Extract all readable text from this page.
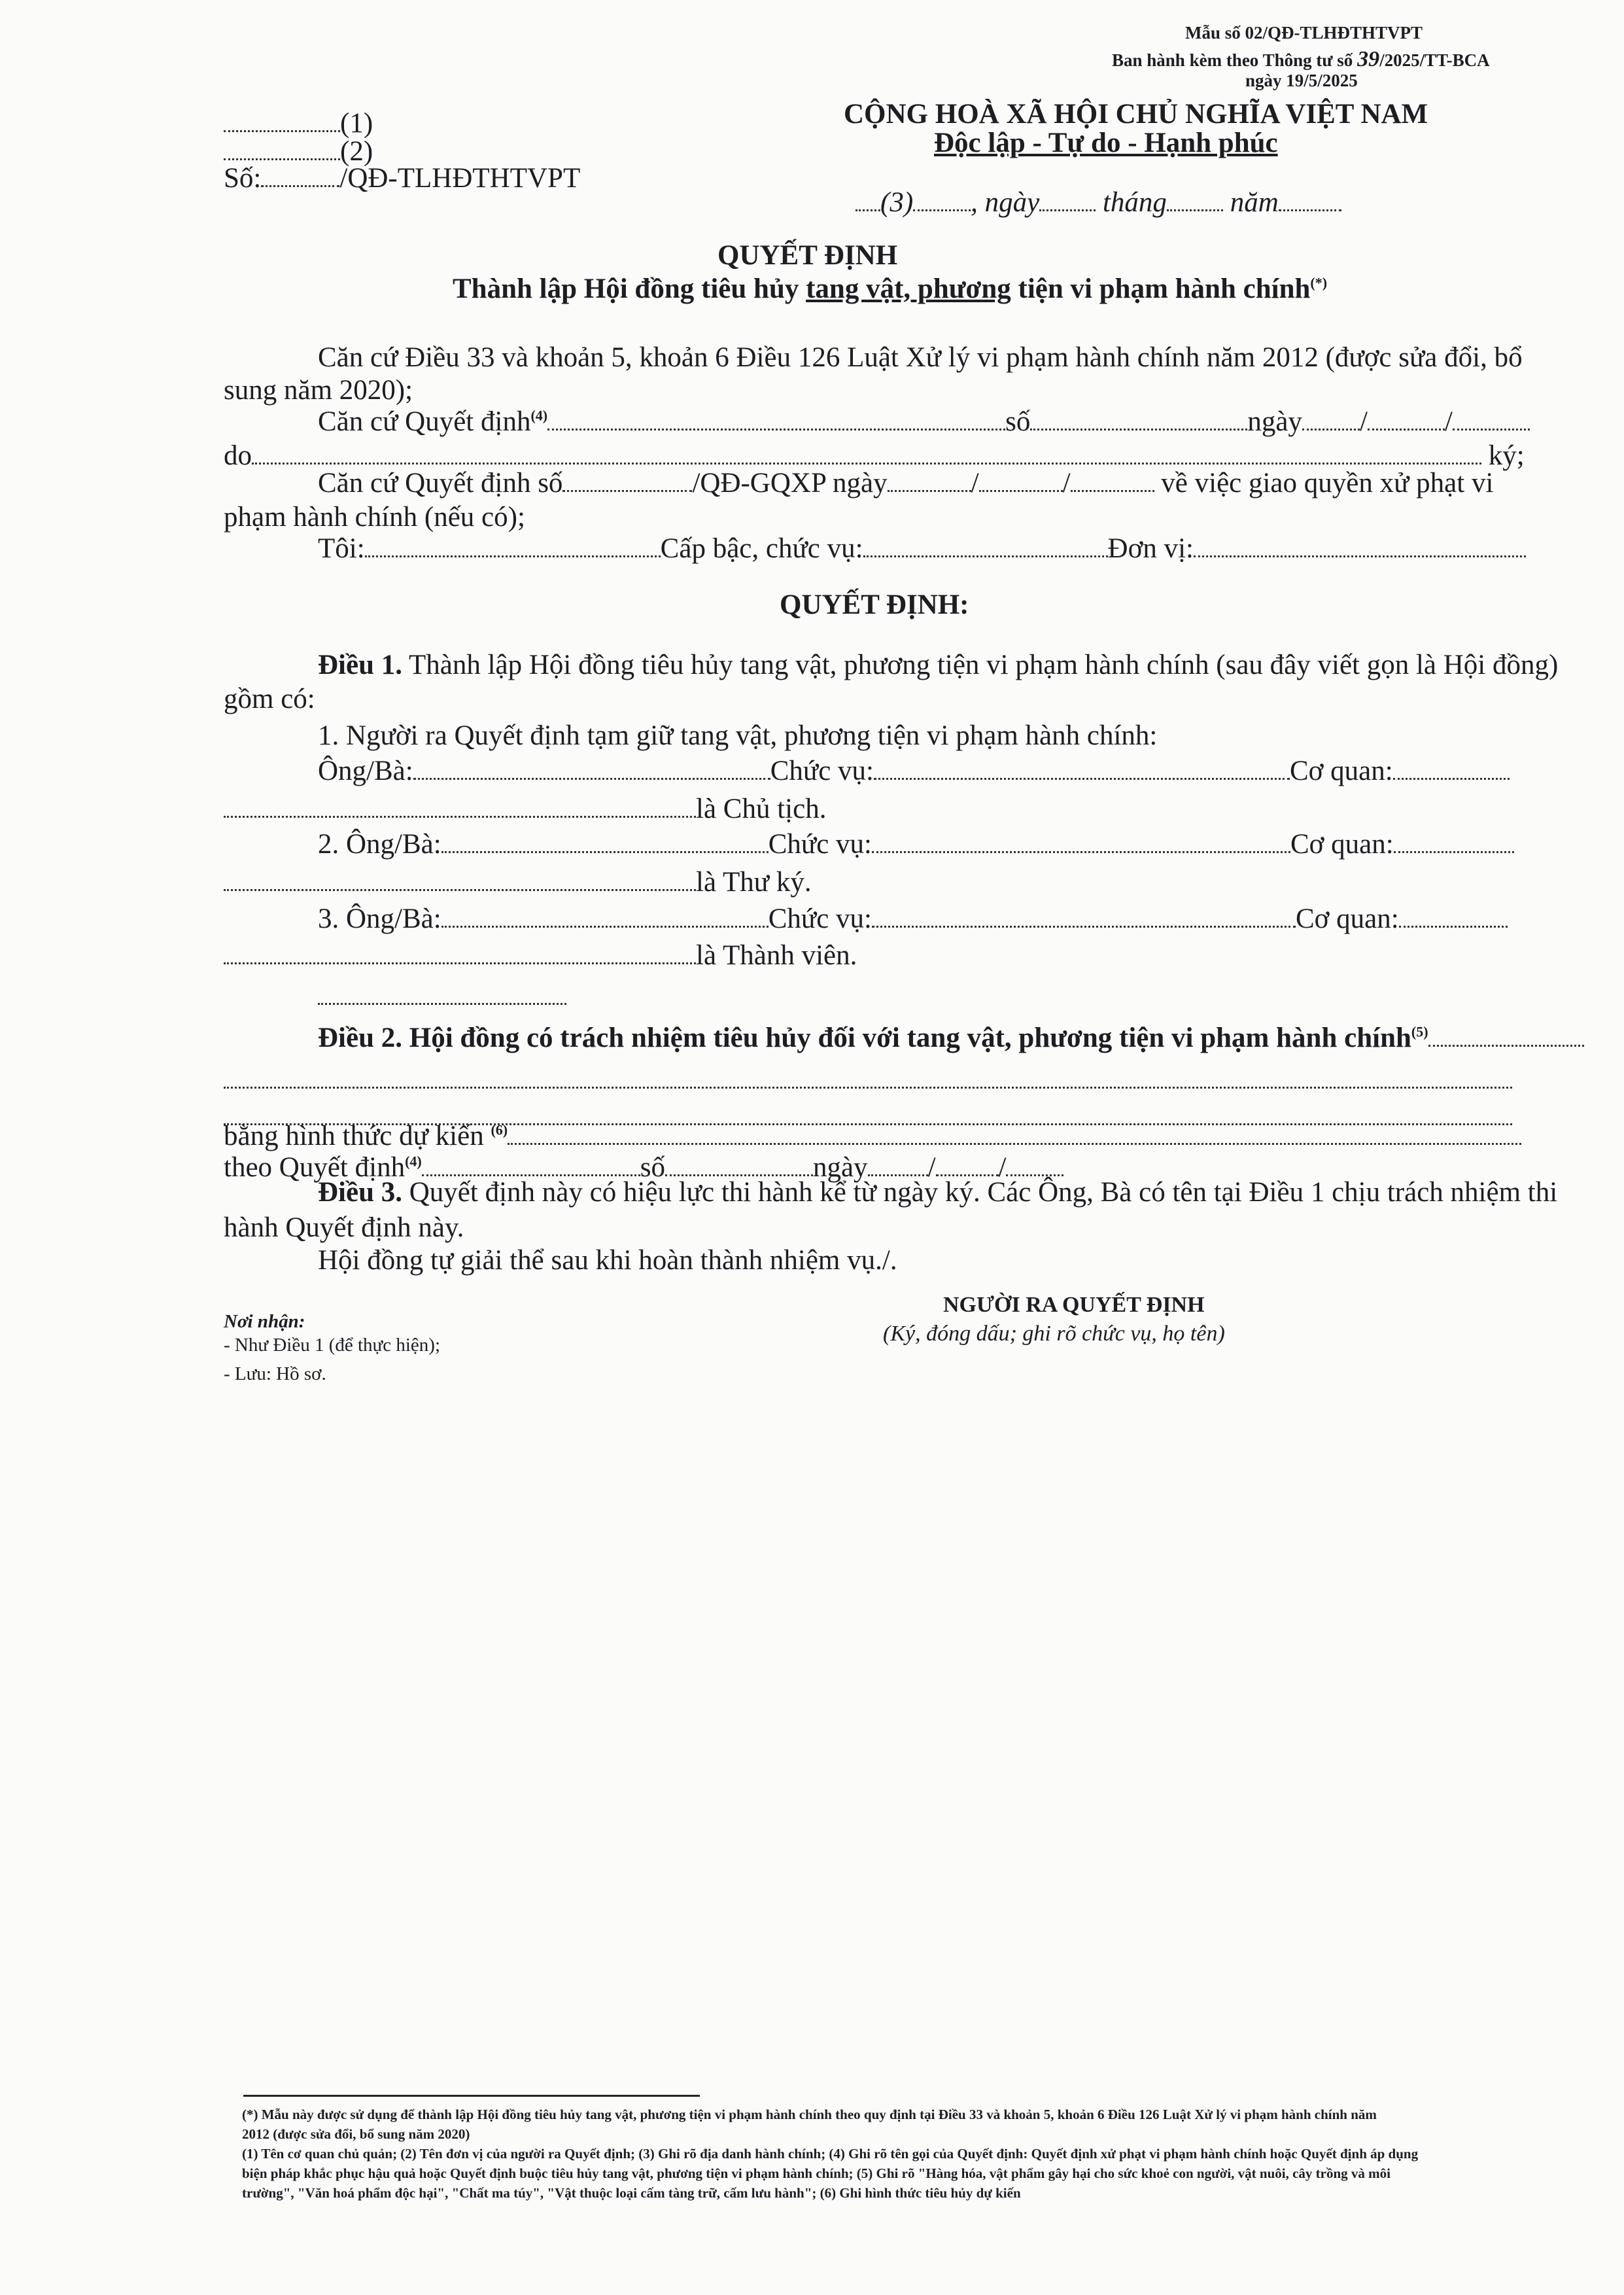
Mẫu số 02/QĐ-TLHĐTHTVPT
Ban hành kèm theo Thông tư số 39/2025/TT-BCA
ngày 19/5/2025
(1)
(2)
Số:	/QĐ-TLHĐTHTVPT
CỘNG HOÀ XÃ HỘI CHỦ NGHĨA VIỆT NAM
Độc lập - Tự do - Hạnh phúc
(3) , ngày tháng năm
QUYẾT ĐỊNH
Thành lập Hội đồng tiêu hủy tang vật, phương tiện vi phạm hành chính(*)
Căn cứ Điều 33 và khoản 5, khoản 6 Điều 126 Luật Xử lý vi phạm hành chính năm 2012 (được sửa đổi, bổ
sung năm 2020);
Căn cứ Quyết định$^{(4)}$	số	ngày /	/
do	ký;
Căn cứ Quyết định số	/QĐ-GQXP ngày	/	/	về việc giao quyền xử phạt vi
phạm hành chính (nếu có);
Tôi:	Cấp bậc, chức vụ:	Đơn vị:
QUYẾT ĐỊNH:
Điều 1. Thành lập Hội đồng tiêu hủy tang vật, phương tiện vi phạm hành chính (sau đây viết gọn là Hội đồng)
gồm có:
1. Người ra Quyết định tạm giữ tang vật, phương tiện vi phạm hành chính:
Ông/Bà:	Chức vụ:	Cơ quan:
là Chủ tịch.
2. Ông/Bà:	Chức vụ:	Cơ quan:
là Thư ký.
3. Ông/Bà:	Chức vụ:	Cơ quan:
là Thành viên.
Điều 2. Hội đồng có trách nhiệm tiêu hủy đối với tang vật, phương tiện vi phạm hành chính$^{(5)}$
bằng hình thức dự kiến $^{(6)}$
theo Quyết định$^{(4)}$	số	ngày / /
Điều 3. Quyết định này có hiệu lực thi hành kể từ ngày ký. Các Ông, Bà có tên tại Điều 1 chịu trách nhiệm thi
hành Quyết định này.
Hội đồng tự giải thể sau khi hoàn thành nhiệm vụ./.
Nơi nhận:
- Như Điều 1 (để thực hiện);
- Lưu: Hồ sơ.
NGƯỜI RA QUYẾT ĐỊNH
(Ký, đóng dấu; ghi rõ chức vụ, họ tên)
(*) Mẫu này được sử dụng để thành lập Hội đồng tiêu hủy tang vật, phương tiện vi phạm hành chính theo quy định tại Điều 33 và khoản 5, khoản 6 Điều 126 Luật Xử lý vi phạm hành chính năm
2012 (được sửa đổi, bổ sung năm 2020)
(1) Tên cơ quan chủ quản; (2) Tên đơn vị của người ra Quyết định; (3) Ghi rõ địa danh hành chính; (4) Ghi rõ tên gọi của Quyết định: Quyết định xử phạt vi phạm hành chính hoặc Quyết định áp dụng
biện pháp khắc phục hậu quả hoặc Quyết định buộc tiêu hủy tang vật, phương tiện vi phạm hành chính; (5) Ghi rõ "Hàng hóa, vật phẩm gây hại cho sức khoẻ con người, vật nuôi, cây trồng và môi
trường", "Văn hoá phẩm độc hại", "Chất ma túy", "Vật thuộc loại cấm tàng trữ, cấm lưu hành"; (6) Ghi hình thức tiêu hủy dự kiến
